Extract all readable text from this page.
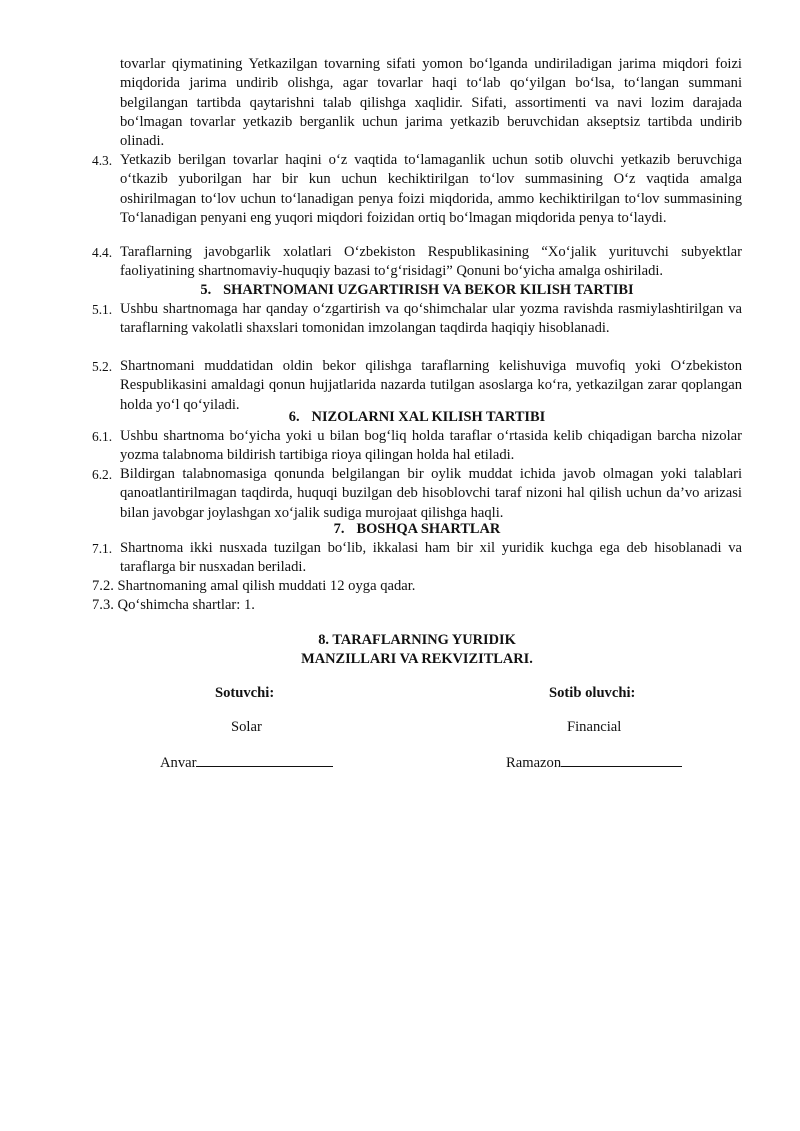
tovarlar qiymatining Yetkazilgan tovarning sifati yomon bo‘lganda undiriladigan jarima miqdori foizi miqdorida jarima undirib olishga, agar tovarlar haqi to‘lab qo‘yilgan bo‘lsa, to‘langan summani belgilangan tartibda qaytarishni talab qilishga xaqlidir. Sifati, assortimenti va navi lozim darajada bo‘lmagan tovarlar yetkazib berganlik uchun jarima yetkazib beruvchidan akseptsiz tartibda undirib olinadi.
4.3. Yetkazib berilgan tovarlar haqini o‘z vaqtida to‘lamaganlik uchun sotib oluvchi yetkazib beruvchiga o‘tkazib yuborilgan har bir kun uchun kechiktirilgan to‘lov summasining O‘z vaqtida amalga oshirilmagan to‘lov uchun to‘lanadigan penya foizi miqdorida, ammo kechiktirilgan to‘lov summasining To‘lanadigan penyani eng yuqori miqdori foizidan ortiq bo‘lmagan miqdorida penya to‘laydi.
4.4. Taraflarning javobgarlik xolatlari O‘zbekiston Respublikasining “Xo‘jalik yurituvchi subyektlar faoliyatining shartnomaviy-huquqiy bazasi to‘g‘risidagi” Qonuni bo‘yicha amalga oshiriladi.
5. SHARTNOMANI UZGARTIRISH VA BEKOR KILISH TARTIBI
5.1. Ushbu shartnomaga har qanday o‘zgartirish va qo‘shimchalar ular yozma ravishda rasmiylashtirilgan va taraflarning vakolatli shaxslari tomonidan imzolangan taqdirda haqiqiy hisoblanadi.
5.2. Shartnomani muddatidan oldin bekor qilishga taraflarning kelishuviga muvofiq yoki O‘zbekiston Respublikasini amaldagi qonun hujjatlarida nazarda tutilgan asoslarga ko‘ra, yetkazilgan zarar qoplangan holda yo‘l qo‘yiladi.
6. NIZOLARNI XAL KILISH TARTIBI
6.1. Ushbu shartnoma bo‘yicha yoki u bilan bog‘liq holda taraflar o‘rtasida kelib chiqadigan barcha nizolar yozma talabnoma bildirish tartibiga rioya qilingan holda hal etiladi.
6.2. Bildirgan talabnomasiga qonunda belgilangan bir oylik muddat ichida javob olmagan yoki talablari qanoatlantirilmagan taqdirda, huquqi buzilgan deb hisoblovchi taraf nizoni hal qilish uchun da’vo arizasi bilan javobgar joylashgan xo‘jalik sudiga murojaat qilishga haqli.
7. BOSHQA SHARTLAR
7.1. Shartnoma ikki nusxada tuzilgan bo‘lib, ikkalasi ham bir xil yuridik kuchga ega deb hisoblanadi va taraflarga bir nusxadan beriladi.
7.2. Shartnomaning amal qilish muddati 12 oyga qadar.
7.3. Qo‘shimcha shartlar: 1.
8. TARAFLARNING YURIDIK
MANZILLARI VA REKVIZITLARI.
Sotuvchi:	Sotib oluvchi:
Solar	Financial
Anvar	Ramazon
